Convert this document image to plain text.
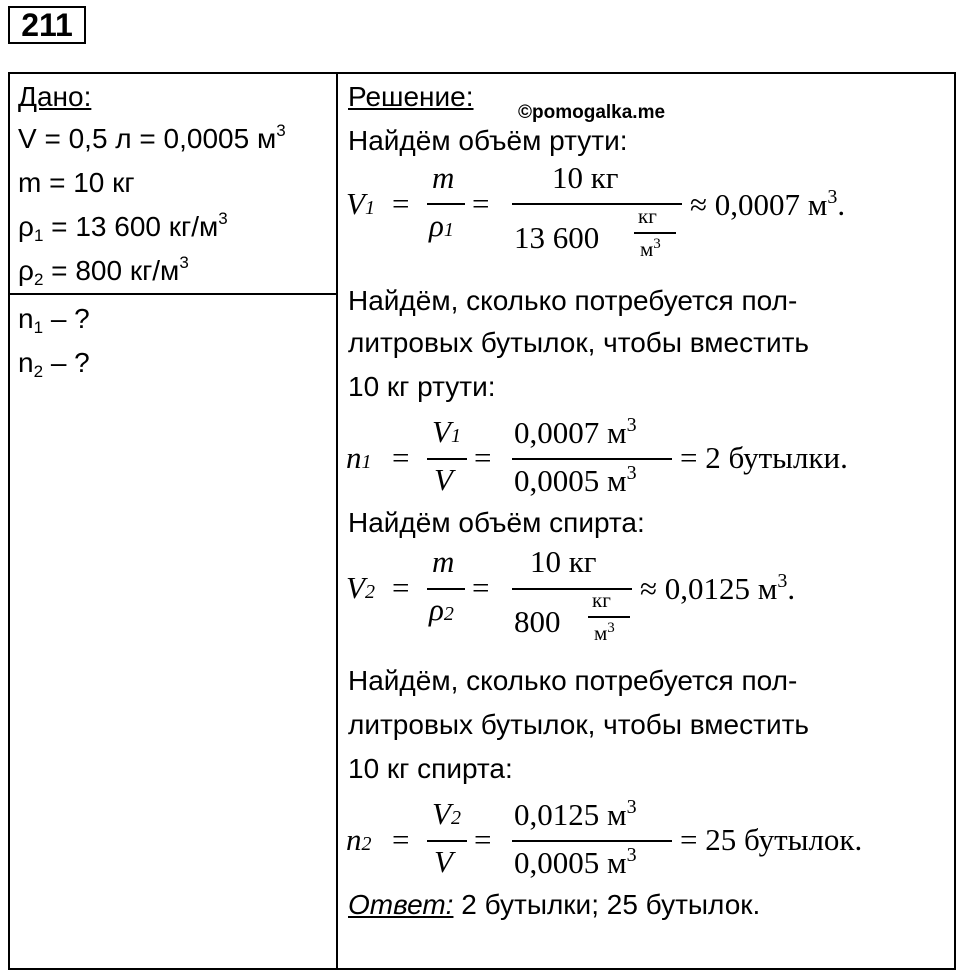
211
Дано:
V = 0,5 л = 0,0005 $м^3$
m = 10 кг
$\rho_1 = 13$ 600 $кг/м^3$
$\rho_2 = 800$ $кг/м^3$
$n_1$ – ?
$n_2$ – ?
Решение:
©pomogalka.me
Найдём объём ртути:
V1 =
m
ρ1
=
10 кг
13 600
кг
$м^3$
≈ 0,0007 $м^3$.
Найдём, сколько потребуется пол-
литровых бутылок, чтобы вместить
10 кг ртути:
n1 =
V1
V
=
0,0007 $м^3$
0,0005 $м^3 = 2$ бутылки.
Найдём объём спирта:
V2 =
m
ρ2
=
10 кг
800
кг
$м^3$
≈ 0,0125 $м^3$.
Найдём, сколько потребуется пол-
литровых бутылок, чтобы вместить
10 кг спирта:
n2 =
V2
V
=
0,0125 $м^3$
0,0005 $м^3 = 25$ бутылок.
Ответ: 2 бутылки; 25 бутылок.
